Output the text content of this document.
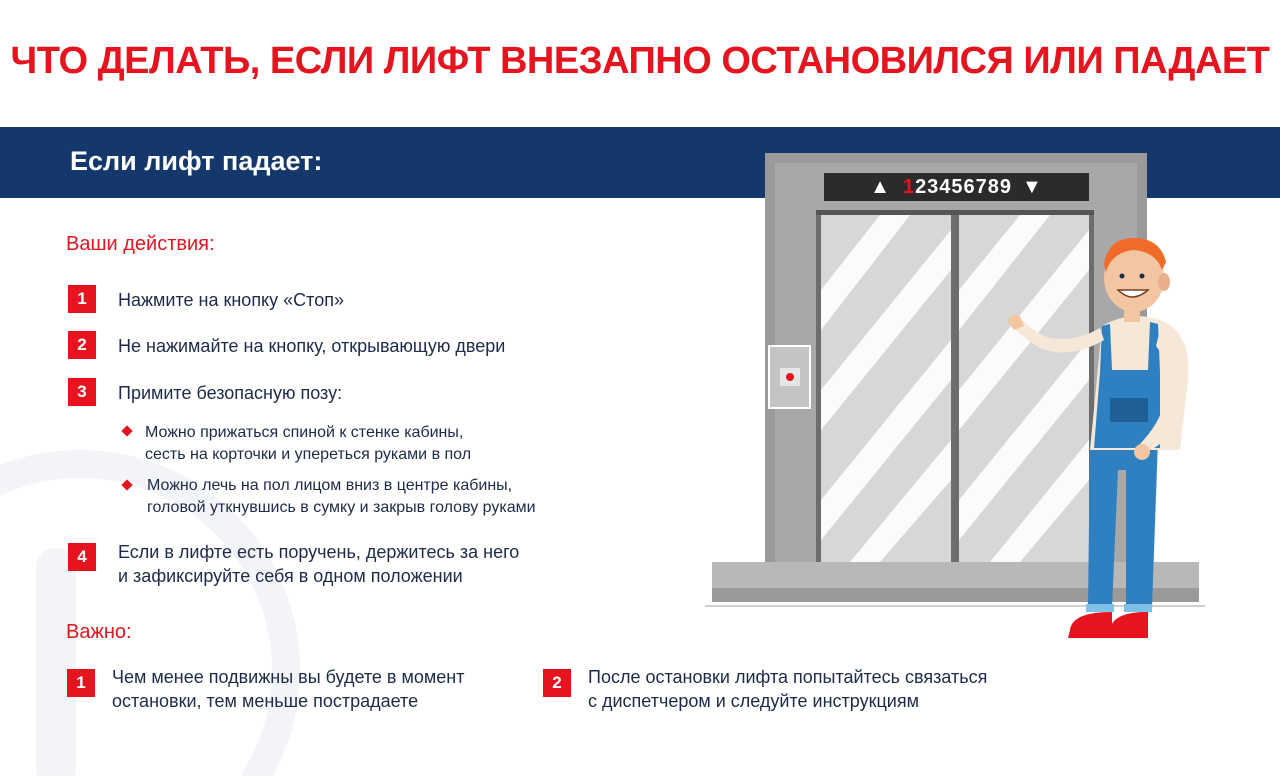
ЧТО ДЕЛАТЬ, ЕСЛИ ЛИФТ ВНЕЗАПНО ОСТАНОВИЛСЯ ИЛИ ПАДАЕТ
Если лифт падает:
Ваши действия:
1	Нажмите на кнопку «Стоп»
2	Не нажимайте на кнопку, открывающую двери
3	Примите безопасную позу:
Можно прижаться спиной к стенке кабины,
сесть на корточки и упереться руками в пол
Можно лечь на пол лицом вниз в центре кабины,
головой уткнувшись в сумку и закрыв голову руками
4	Если в лифте есть поручень, держитесь за него
и зафиксируйте себя в одном положении
Важно:
1	Чем менее подвижны вы будете в момент
остановки, тем меньше пострадаете
2	После остановки лифта попытайтесь связаться
с диспетчером и следуйте инструкциям
▲ 1 23456789 ▼
